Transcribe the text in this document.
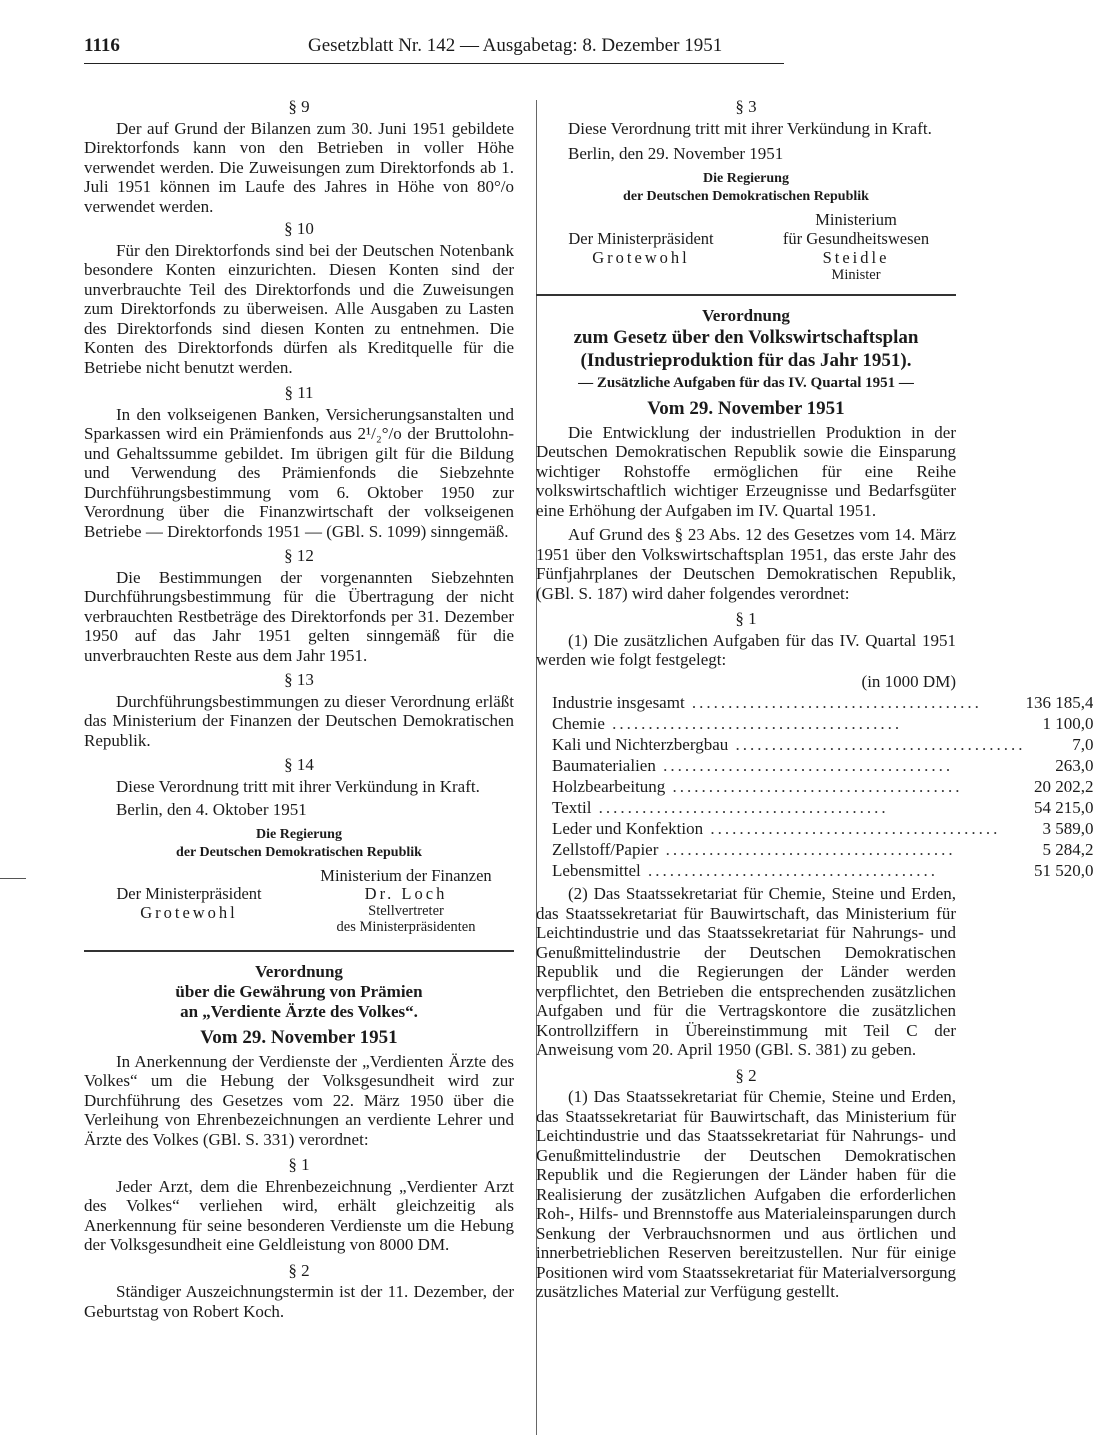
1116	Gesetzblatt Nr. 142 — Ausgabetag: 8. Dezember 1951
§ 9

Der auf Grund der Bilanzen zum 30. Juni 1951 gebildete Direktorfonds kann von den Betrieben in voller Höhe verwendet werden. Die Zuweisungen zum Direktorfonds ab 1. Juli 1951 können im Laufe des Jahres in Höhe von 80°/o verwendet werden.

§ 10

Für den Direktorfonds sind bei der Deutschen Notenbank besondere Konten einzurichten. Diesen Konten sind der unverbrauchte Teil des Direktorfonds und die Zuweisungen zum Direktorfonds zu überweisen. Alle Ausgaben zu Lasten des Direktorfonds sind diesen Konten zu entnehmen. Die Konten des Direktorfonds dürfen als Kreditquelle für die Betriebe nicht benutzt werden.

§ 11

In den volkseigenen Banken, Versicherungsanstalten und Sparkassen wird ein Prämienfonds aus 2¹/₂°/o der Bruttolohn- und Gehaltssumme gebildet. Im übrigen gilt für die Bildung und Verwendung des Prämienfonds die Siebzehnte Durchführungsbestimmung vom 6. Oktober 1950 zur Verordnung über die Finanzwirtschaft der volkseigenen Betriebe — Direktorfonds 1951 — (GBl. S. 1099) sinngemäß.

§ 12

Die Bestimmungen der vorgenannten Siebzehnten Durchführungsbestimmung für die Übertragung der nicht verbrauchten Restbeträge des Direktorfonds per 31. Dezember 1950 auf das Jahr 1951 gelten sinngemäß für die unverbrauchten Reste aus dem Jahr 1951.

§ 13

Durchführungsbestimmungen zu dieser Verordnung erläßt das Ministerium der Finanzen der Deutschen Demokratischen Republik.

§ 14

Diese Verordnung tritt mit ihrer Verkündung in Kraft.

Berlin, den 4. Oktober 1951

Die Regierung
der Deutschen Demokratischen Republik
Ministerium der Finanzen
Der Ministerpräsident	Dr. Loch
Grotewohl	Stellvertreter
des Ministerpräsidenten
Verordnung
über die Gewährung von Prämien
an „Verdiente Ärzte des Volkes“.
Vom 29. November 1951

In Anerkennung der Verdienste der „Verdienten Ärzte des Volkes“ um die Hebung der Volksgesundheit wird zur Durchführung des Gesetzes vom 22. März 1950 über die Verleihung von Ehrenbezeichnungen an verdiente Lehrer und Ärzte des Volkes (GBl. S. 331) verordnet:

§ 1

Jeder Arzt, dem die Ehrenbezeichnung „Verdienter Arzt des Volkes“ verliehen wird, erhält gleichzeitig als Anerkennung für seine besonderen Verdienste um die Hebung der Volksgesundheit eine Geldleistung von 8000 DM.

§ 2

Ständiger Auszeichnungstermin ist der 11. Dezember, der Geburtstag von Robert Koch.

§ 3

Diese Verordnung tritt mit ihrer Verkündung in Kraft.

Berlin, den 29. November 1951

Die Regierung
der Deutschen Demokratischen Republik
Ministerium
Der Ministerpräsident	für Gesundheitswesen
Grotewohl	Steidle
Minister
Verordnung
zum Gesetz über den Volkswirtschaftsplan
(Industrieproduktion für das Jahr 1951).
— Zusätzliche Aufgaben für das IV. Quartal 1951 —
Vom 29. November 1951

Die Entwicklung der industriellen Produktion in der Deutschen Demokratischen Republik sowie die Einsparung wichtiger Rohstoffe ermöglichen für eine Reihe volkswirtschaftlich wichtiger Erzeugnisse und Bedarfsgüter eine Erhöhung der Aufgaben im IV. Quartal 1951.

Auf Grund des § 23 Abs. 12 des Gesetzes vom 14. März 1951 über den Volkswirtschaftsplan 1951, das erste Jahr des Fünfjahrplanes der Deutschen Demokratischen Republik, (GBl. S. 187) wird daher folgendes verordnet:

§ 1

(1) Die zusätzlichen Aufgaben für das IV. Quartal 1951 werden wie folgt festgelegt:

(in 1000 DM)
Industrie insgesamt ........................................	136 185,4
Chemie ........................................	1 100,0
Kali und Nichterzbergbau ........................................	7,0
Baumaterialien ........................................	263,0
Holzbearbeitung ........................................	20 202,2
Textil ........................................	54 215,0
Leder und Konfektion ........................................	3 589,0
Zellstoff/Papier ........................................	5 284,2
Lebensmittel ........................................	51 520,0

(2) Das Staatssekretariat für Chemie, Steine und Erden, das Staatssekretariat für Bauwirtschaft, das Ministerium für Leichtindustrie und das Staatssekretariat für Nahrungs- und Genußmittelindustrie der Deutschen Demokratischen Republik und die Regierungen der Länder werden verpflichtet, den Betrieben die entsprechenden zusätzlichen Aufgaben und für die Vertragskontore die zusätzlichen Kontrollziffern in Übereinstimmung mit Teil C der Anweisung vom 20. April 1950 (GBl. S. 381) zu geben.

§ 2

(1) Das Staatssekretariat für Chemie, Steine und Erden, das Staatssekretariat für Bauwirtschaft, das Ministerium für Leichtindustrie und das Staatssekretariat für Nahrungs- und Genußmittelindustrie der Deutschen Demokratischen Republik und die Regierungen der Länder haben für die Realisierung der zusätzlichen Aufgaben die erforderlichen Roh-, Hilfs- und Brennstoffe aus Materialeinsparungen durch Senkung der Verbrauchsnormen und aus örtlichen und innerbetrieblichen Reserven bereitzustellen. Nur für einige Positionen wird vom Staatssekretariat für Materialversorgung zusätzliches Material zur Verfügung gestellt.
